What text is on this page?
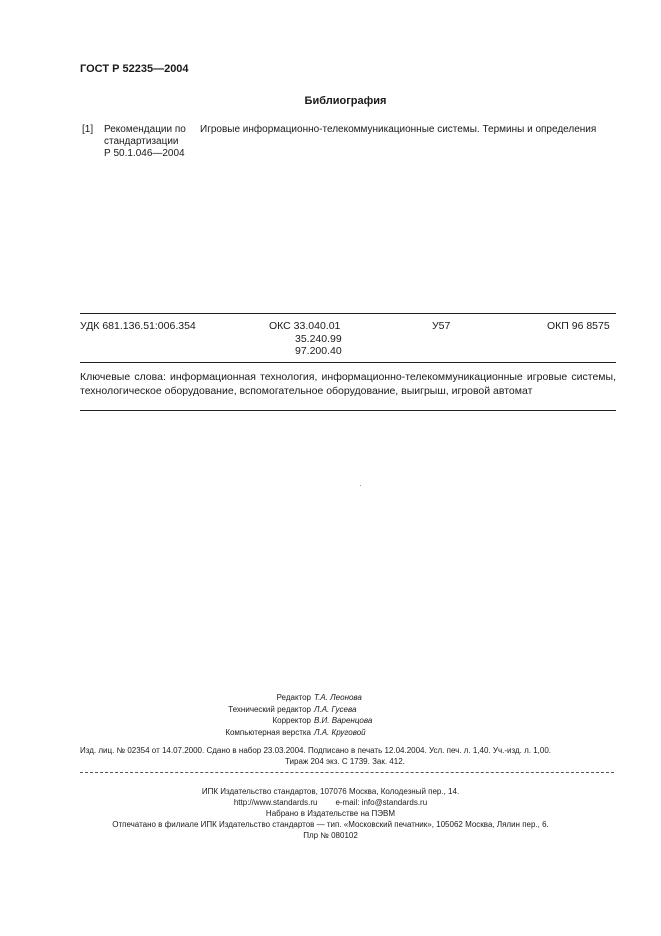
ГОСТ Р 52235—2004
Библиография
[1] Рекомендации по
стандартизации
Р 50.1.046—2004
Игровые информационно-телекоммуникационные системы. Термины и определения
УДК 681.136.51:006.354	ОКС 33.040.01
35.240.99
97.200.40
У57	ОКП 96 8575
Ключевые слова: информационная технология, информационно-телекоммуникационные игровые системы, технологическое оборудование, вспомогательное оборудование, выигрыш, игровой автомат
Редактор Т.А. Леонова
Технический редактор Л.А. Гусева
Корректор В.И. Варенцова
Компьютерная верстка Л.А. Круговой
Изд. лиц. № 02354 от 14.07.2000. Сдано в набор 23.03.2004. Подписано в печать 12.04.2004. Усл. печ. л. 1,40. Уч.-изд. л. 1,00.
Тираж 204 экз. С 1739. Зак. 412.
ИПК Издательство стандартов, 107076 Москва, Колодезный пер., 14.
http://www.standards.ru e-mail: info@standards.ru
Набрано в Издательстве на ПЭВМ
Отпечатано в филиале ИПК Издательство стандартов — тип. «Московский печатник», 105062 Москва, Лялин пер., 6.
Плр № 080102
